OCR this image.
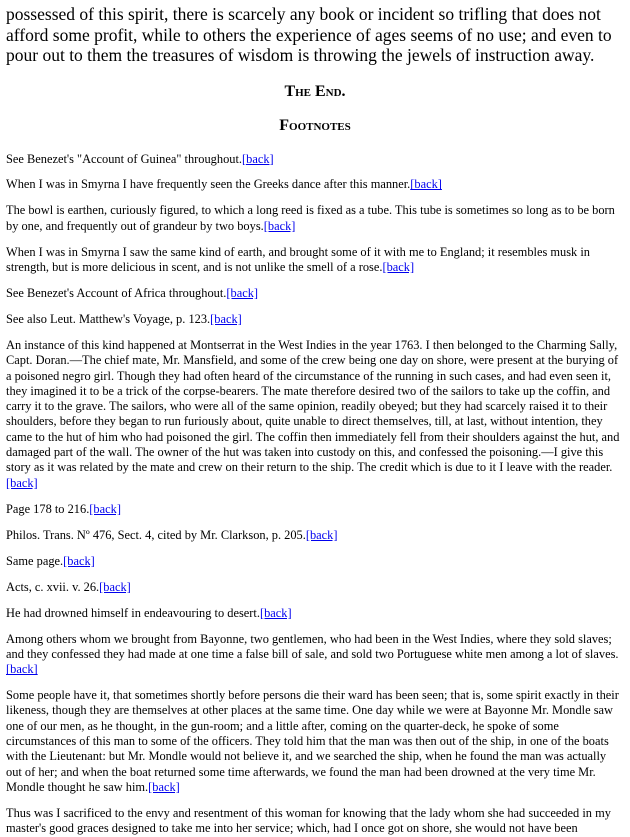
possessed of this spirit, there is scarcely any book or incident so trifling that does not afford some profit, while to others the experience of ages seems of no use; and even to pour out to them the treasures of wisdom is throwing the jewels of instruction away.

The End.
Footnotes

See Benezet's "Account of Guinea" throughout.[back]

When I was in Smyrna I have frequently seen the Greeks dance after this manner.[back]

The bowl is earthen, curiously figured, to which a long reed is fixed as a tube. This tube is sometimes so long as to be born by one, and frequently out of grandeur by two boys.[back]

When I was in Smyrna I saw the same kind of earth, and brought some of it with me to England; it resembles musk in strength, but is more delicious in scent, and is not unlike the smell of a rose.[back]

See Benezet's Account of Africa throughout.[back]

See also Leut. Matthew's Voyage, p. 123.[back]

An instance of this kind happened at Montserrat in the West Indies in the year 1763. I then belonged to the Charming Sally, Capt. Doran.—The chief mate, Mr. Mansfield, and some of the crew being one day on shore, were present at the burying of a poisoned negro girl. Though they had often heard of the circumstance of the running in such cases, and had even seen it, they imagined it to be a trick of the corpse-bearers. The mate therefore desired two of the sailors to take up the coffin, and carry it to the grave. The sailors, who were all of the same opinion, readily obeyed; but they had scarcely raised it to their shoulders, before they began to run furiously about, quite unable to direct themselves, till, at last, without intention, they came to the hut of him who had poisoned the girl. The coffin then immediately fell from their shoulders against the hut, and damaged part of the wall. The owner of the hut was taken into custody on this, and confessed the poisoning.—I give this story as it was related by the mate and crew on their return to the ship. The credit which is due to it I leave with the reader.[back]

Page 178 to 216.[back]

Philos. Trans. Nº 476, Sect. 4, cited by Mr. Clarkson, p. 205.[back]

Same page.[back]

Acts, c. xvii. v. 26.[back]

He had drowned himself in endeavouring to desert.[back]

Among others whom we brought from Bayonne, two gentlemen, who had been in the West Indies, where they sold slaves; and they confessed they had made at one time a false bill of sale, and sold two Portuguese white men among a lot of slaves.[back]

Some people have it, that sometimes shortly before persons die their ward has been seen; that is, some spirit exactly in their likeness, though they are themselves at other places at the same time. One day while we were at Bayonne Mr. Mondle saw one of our men, as he thought, in the gun-room; and a little after, coming on the quarter-deck, he spoke of some circumstances of this man to some of the officers. They told him that the man was then out of the ship, in one of the boats with the Lieutenant: but Mr. Mondle would not believe it, and we searched the ship, when he found the man was actually out of her; and when the boat returned some time afterwards, we found the man had been drowned at the very time Mr. Mondle thought he saw him.[back]

Thus was I sacrificed to the envy and resentment of this woman for knowing that the lady whom she had succeeded in my master's good graces designed to take me into her service; which, had I once got on shore, she would not have been
